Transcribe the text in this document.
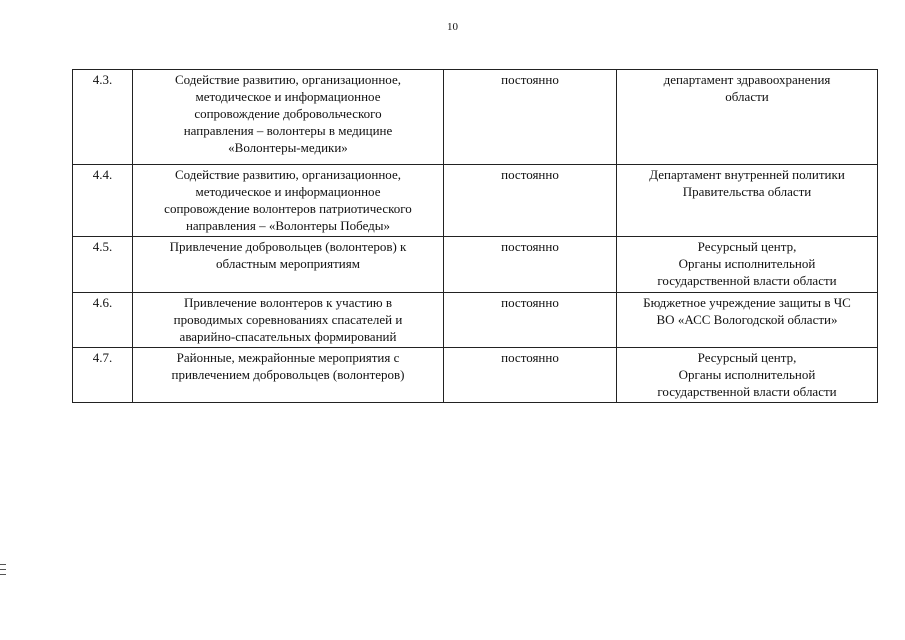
10
4.3.	Содействие развитию, организационное,
методическое и информационное
сопровождение добровольческого
направления – волонтеры в медицине
«Волонтеры-медики»	постоянно	департамент здравоохранения
области
4.4.	Содействие развитию, организационное,
методическое и информационное
сопровождение волонтеров патриотического
направления – «Волонтеры Победы»	постоянно	Департамент внутренней политики
Правительства области
4.5.	Привлечение добровольцев (волонтеров) к
областным мероприятиям	постоянно	Ресурсный центр,
Органы исполнительной
государственной власти области
4.6.	Привлечение волонтеров к участию в
проводимых соревнованиях спасателей и
аварийно-спасательных формирований	постоянно	Бюджетное учреждение защиты в ЧС
ВО «АСС Вологодской области»
4.7.	Районные, межрайонные мероприятия с
привлечением добровольцев (волонтеров)	постоянно	Ресурсный центр,
Органы исполнительной
государственной власти области
